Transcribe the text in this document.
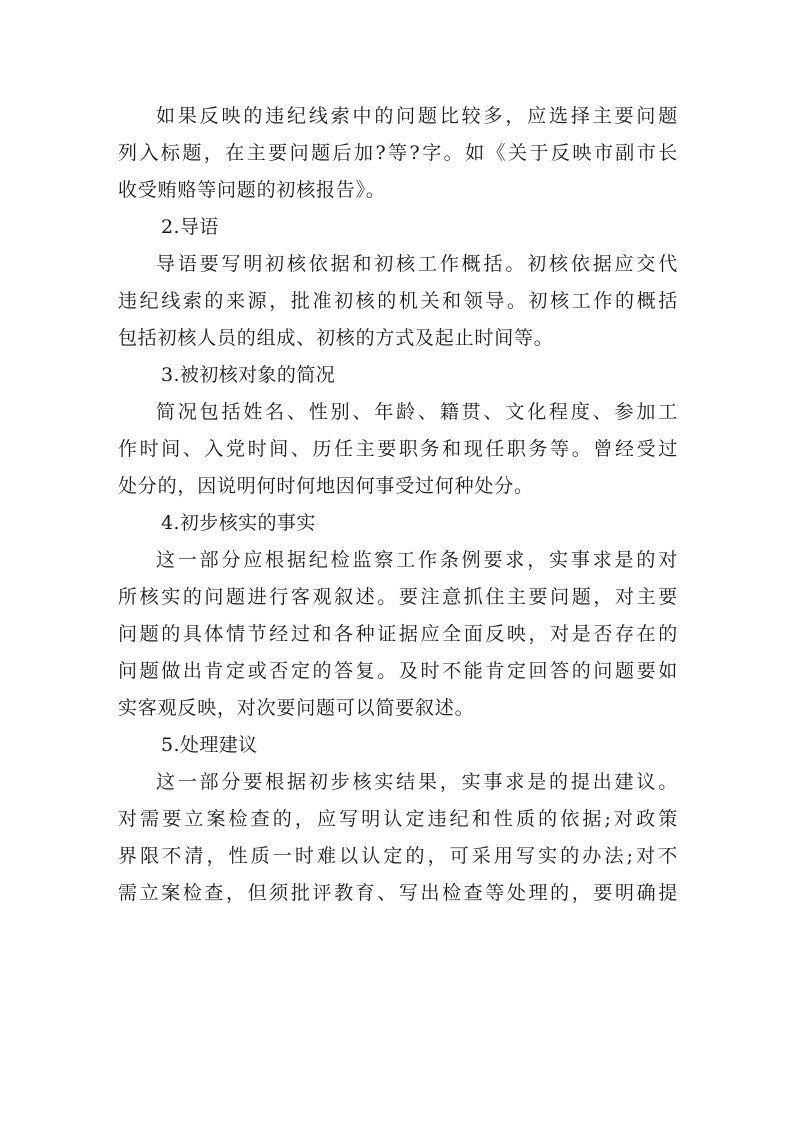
如果反映的违纪线索中的问题比较多，应选择主要问题
列入标题，在主要问题后加?等?字。如《关于反映市副市长
收受贿赂等问题的初核报告》。
2.导语
导语要写明初核依据和初核工作概括。初核依据应交代
违纪线索的来源，批准初核的机关和领导。初核工作的概括
包括初核人员的组成、初核的方式及起止时间等。
3.被初核对象的简况
简况包括姓名、性别、年龄、籍贯、文化程度、参加工
作时间、入党时间、历任主要职务和现任职务等。曾经受过
处分的，因说明何时何地因何事受过何种处分。
4.初步核实的事实
这一部分应根据纪检监察工作条例要求，实事求是的对
所核实的问题进行客观叙述。要注意抓住主要问题，对主要
问题的具体情节经过和各种证据应全面反映，对是否存在的
问题做出肯定或否定的答复。及时不能肯定回答的问题要如
实客观反映，对次要问题可以简要叙述。
5.处理建议
这一部分要根据初步核实结果，实事求是的提出建议。
对需要立案检查的，应写明认定违纪和性质的依据;对政策
界限不清，性质一时难以认定的，可采用写实的办法;对不
需立案检查，但须批评教育、写出检查等处理的，要明确提
